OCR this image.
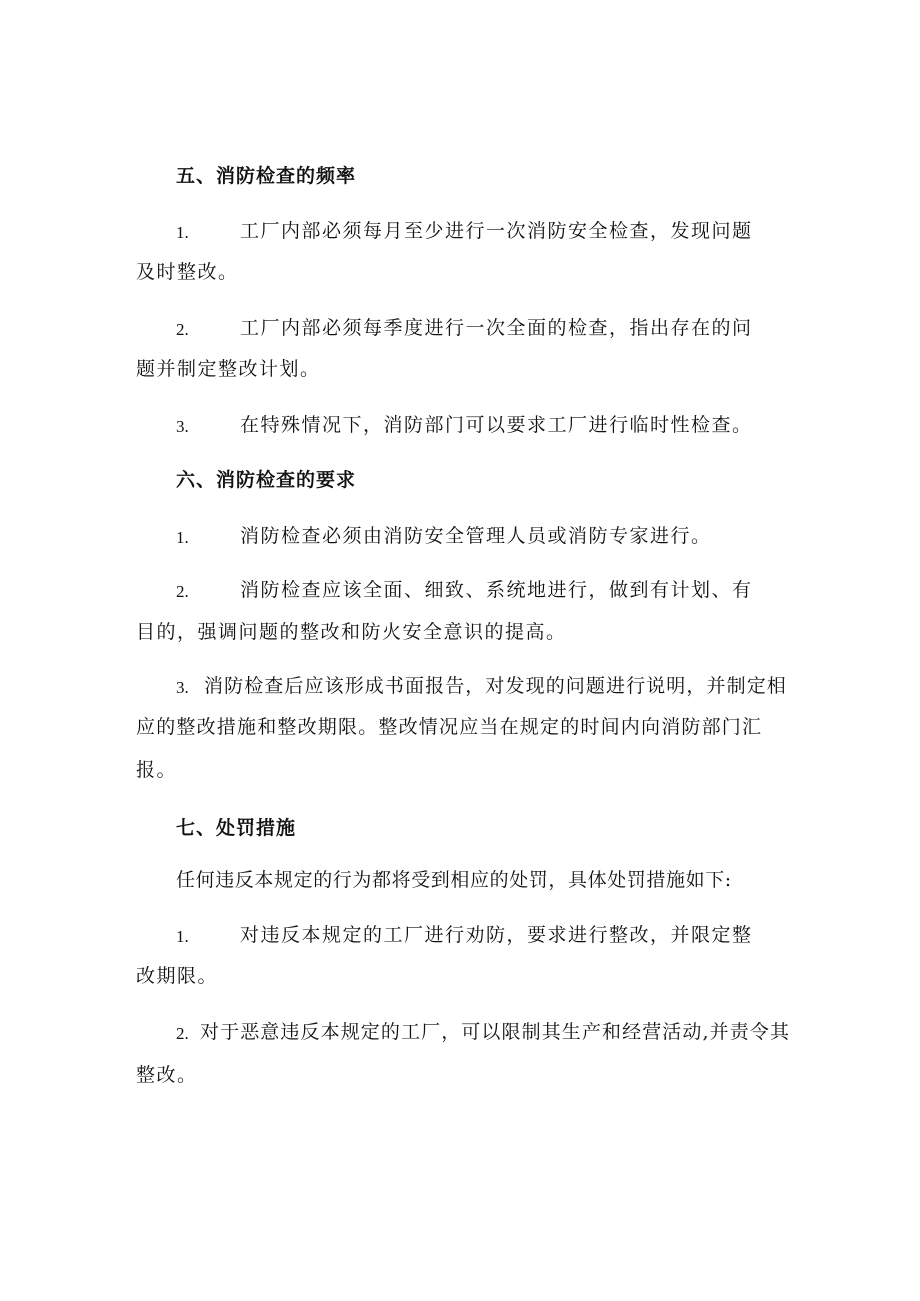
五、消防检查的频率
1.	工厂内部必须每月至少进行一次消防安全检查，发现问题
及时整改。
2.	工厂内部必须每季度进行一次全面的检查，指出存在的问
题并制定整改计划。
3.	在特殊情况下，消防部门可以要求工厂进行临时性检查。
六、消防检查的要求
1.	消防检查必须由消防安全管理人员或消防专家进行。
2.	消防检查应该全面、细致、系统地进行，做到有计划、有
目的，强调问题的整改和防火安全意识的提高。
3. 消防检查后应该形成书面报告，对发现的问题进行说明，并制定相
应的整改措施和整改期限。整改情况应当在规定的时间内向消防部门汇
报。
七、处罚措施
任何违反本规定的行为都将受到相应的处罚，具体处罚措施如下:
1.	对违反本规定的工厂进行劝防，要求进行整改，并限定整
改期限。
2. 对于恶意违反本规定的工厂，可以限制其生产和经营活动,并责令其
整改。
